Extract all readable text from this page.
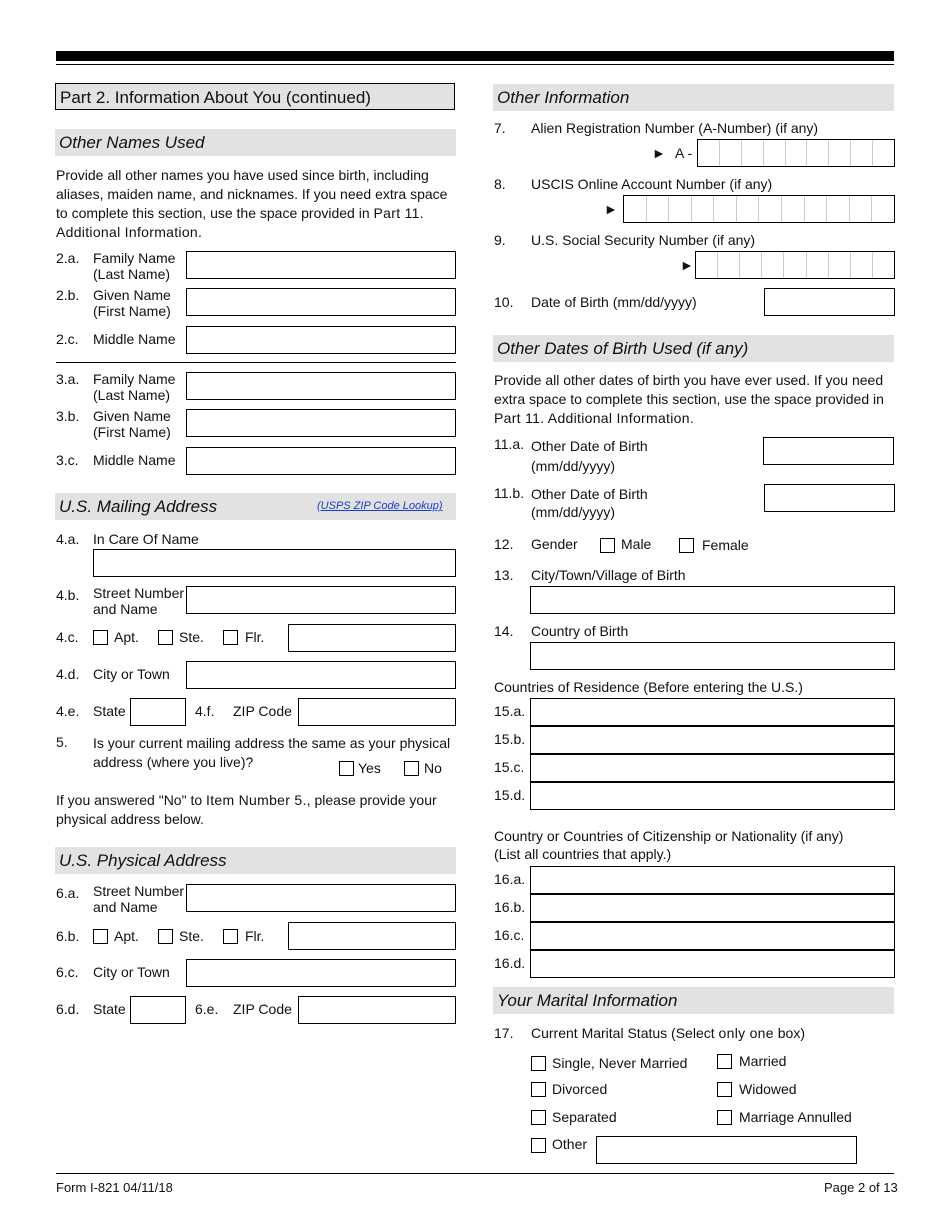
Part 2. Information About You (continued)
Other Names Used
Provide all other names you have used since birth, including aliases, maiden name, and nicknames. If you need extra space to complete this section, use the space provided in Part 11. Additional Information.
2.a. Family Name
(Last Name)
2.b. Given Name
(First Name)
2.c. Middle Name
3.a. Family Name
(Last Name)
3.b. Given Name
(First Name)
3.c. Middle Name
U.S. Mailing Address	(USPS ZIP Code Lookup)
4.a. In Care Of Name
4.b. Street Number
and Name
4.c.	Apt.	Ste.	Flr.
4.d. City or Town
4.e. State	4.f. ZIP Code
5. Is your current mailing address the same as your physical
address (where you live)?	Yes	No
If you answered "No" to Item Number 5., please provide your
physical address below.
U.S. Physical Address
6.a. Street Number
and Name
6.b. Apt.	Ste.	Flr.
6.c. City or Town
6.d. State	6.e. ZIP Code
Other Information
7. Alien Registration Number (A-Number) (if any)
► A -
8. USCIS Online Account Number (if any)
►
9. U.S. Social Security Number (if any)
►
10. Date of Birth (mm/dd/yyyy)
Other Dates of Birth Used (if any)
Provide all other dates of birth you have ever used. If you need extra space to complete this section, use the space provided in Part 11. Additional Information.
11.a. Other Date of Birth
(mm/dd/yyyy)
11.b. Other Date of Birth
(mm/dd/yyyy)
12. Gender	Male	Female
13. City/Town/Village of Birth
14. Country of Birth
Countries of Residence (Before entering the U.S.)
15.a.
15.b.
15.c.
15.d.
Country or Countries of Citizenship or Nationality (if any)
(List all countries that apply.)
16.a.
16.b.
16.c.
16.d.
Your Marital Information
17. Current Marital Status (Select only one box)
Single, Never Married	Married
Divorced	Widowed
Separated	Marriage Annulled
Other
Form I-821 04/11/18	Page 2 of 13
